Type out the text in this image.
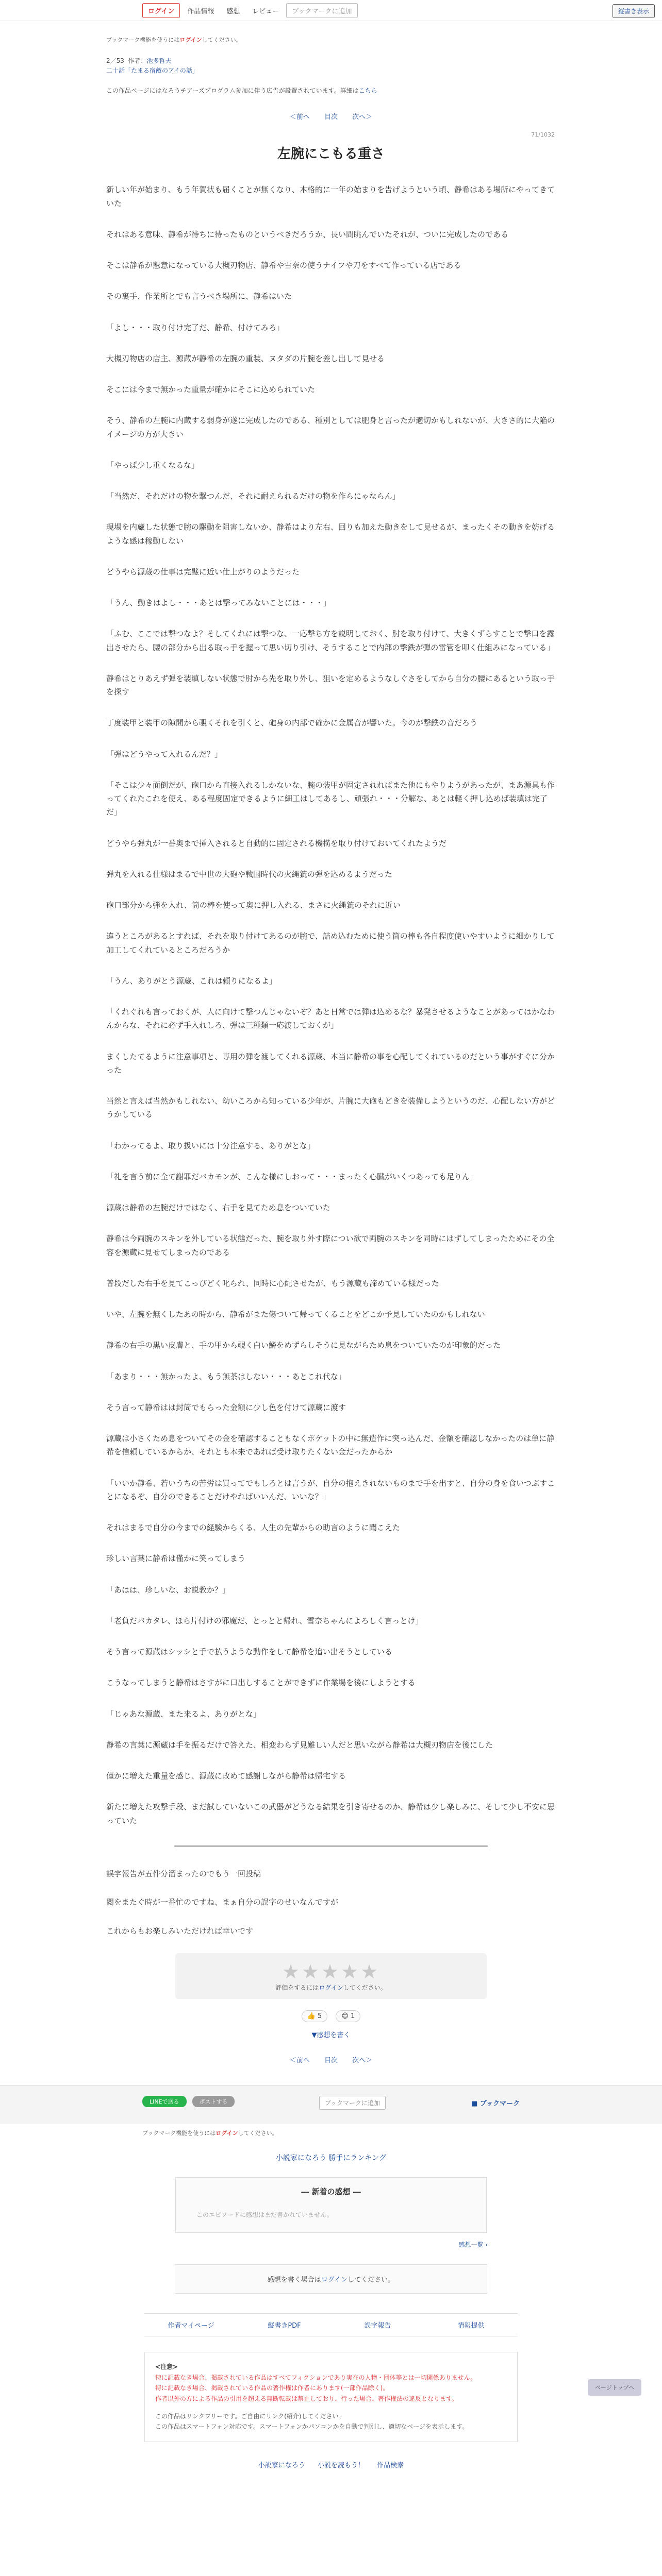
ログイン	作品情報	感想	レビュー	ブックマークに追加	縦書き表示
ブックマーク機能を使うにはログインしてください。
2／53 作者：池多哲夫
二十話「たまる宿敵のアイの話」
この作品ページにはなろうチアーズプログラム参加に伴う広告が設置されています。詳細はこちら
＜前へ 目次 次へ＞
71/1032
左腕にこもる重さ

新しい年が始まり、もう年賀状も届くことが無くなり、本格的に一年の始まりを告げようという頃、静希はある場所にやってきていた

それはある意味、静希が待ちに待ったものというべきだろうか、長い間眺んでいたそれが、ついに完成したのである

そこは静希が懇意になっている大槻刃物店、静希や雪奈の使うナイフや刀をすべて作っている店である

その裏手、作業所とでも言うべき場所に、静希はいた

「よし・・・取り付け完了だ、静希、付けてみろ」

大槻刃物店の店主、源蔵が静希の左腕の重装、ヌタダの片腕を差し出して見せる

そこには今まで無かった重量が確かにそこに込められていた

そう、静希の左腕に内蔵する弱身が遂に完成したのである、種別としては肥身と言ったが適切かもしれないが、大きさ的に大陥のイメージの方が大きい

「やっぱ少し重くなるな」

「当然だ、それだけの物を撃つんだ、それに耐えられるだけの物を作らにゃならん」

現場を内蔵した状態で腕の駆動を阻害しないか、静希はより左右、回りも加えた動きをして見せるが、まったくその動きを妨げるような感は稼動しない

どうやら源蔵の仕事は完璧に近い仕上がりのようだった

「うん、動きはよし・・・あとは撃ってみないことには・・・」

「ふむ、ここでは撃つなよ？そしてくれには撃つな、一応撃ち方を説明しておく、肘を取り付けて、大きくずらすことで撃口を露出させたら、腰の部分から出る取っ手を握って思い切り引け、そうすることで内部の撃鉄が弾の雷管を叩く仕組みになっている」

静希はとりあえず弾を装填しない状態で肘から先を取り外し、狙いを定めるようなしぐさをしてから自分の腰にあるという取っ手を探す

丁度装甲と装甲の隙間から覗くそれを引くと、砲身の内部で確かに金属音が響いた。今のが撃鉄の音だろう

「弾はどうやって入れるんだ？」

「そこは少々面倒だが、砲口から直接入れるしかないな、腕の装甲が固定されればまた他にもやりようがあったが、まあ源具も作ってくれたこれを使え、ある程度固定できるように細工はしてあるし、頑張れ・・・分解な、あとは軽く押し込めば装填は完了だ」

どうやら弾丸が一番奥まで挿入されると自動的に固定される機構を取り付けておいてくれたようだ

弾丸を入れる仕様はまるで中世の大砲や戦国時代の火縄銃の弾を込めるようだった

砲口部分から弾を入れ、筒の棒を使って奥に押し入れる、まさに火縄銃のそれに近い

違うところがあるとすれば、それを取り付けてあるのが腕で、詰め込むために使う筒の棒も各自程度使いやすいように細かりして加工してくれているところだろうか

「うん、ありがとう源蔵、これは頼りになるよ」

「くれぐれも言っておくが、人に向けて撃つんじゃないぞ？あと日常では弾は込めるな？暴発させるようなことがあってはかなわんからな、それに必ず手入れしろ、弾は三種類一応渡しておくが」

まくしたてるように注意事項と、専用の弾を渡してくれる源蔵、本当に静希の事を心配してくれているのだという事がすぐに分かった

当然と言えば当然かもしれない、幼いころから知っている少年が、片腕に大砲もどきを装備しようというのだ、心配しない方がどうかしている

「わかってるよ、取り扱いには十分注意する、ありがとな」

「礼を言う前に全て謝罪だバカモンが、こんな様にしおって・・・まったく心臓がいくつあっても足りん」

源蔵は静希の左腕だけではなく、右手を見てため息をついていた

静希は今両腕のスキンを外している状態だった、腕を取り外す際につい欲で両腕のスキンを同時にはずしてしまったためにその全容を源蔵に見せてしまったのである

普段だした右手を見てこっぴどく叱られ、同時に心配させたが、もう源蔵も諦めている様だった

いや、左腕を無くしたあの時から、静希がまた傷ついて帰ってくることをどこか予見していたのかもしれない

静希の右手の黒い皮膚と、手の甲から覗く白い鱗をめずらしそうに見ながらため息をついていたのが印象的だった

「あまり・・・無かったよ、もう無茶はしない・・・あとこれ代な」

そう言って静希はは封筒でもらった金額に少し色を付けて源蔵に渡す

源蔵は小さくため息をついてその金を確認することもなくポケットの中に無造作に突っ込んだ、金額を確認しなかったのは単に静希を信頼しているからか、それとも本来であれば受け取りたくない金だったからか

「いいか静希、若いうちの苦労は買ってでもしろとは言うが、自分の抱えきれないものまで手を出すと、自分の身を食いつぶすことになるぞ、自分のできることだけやればいいんだ、いいな？」

それはまるで自分の今までの経験からくる、人生の先輩からの助言のように聞こえた

珍しい言葉に静希は僅かに笑ってしまう

「あはは、珍しいな、お説教か？」

「老負だバカタレ、ほら片付けの邪魔だ、とっとと帰れ、雪奈ちゃんによろしく言っとけ」

そう言って源蔵はシッシと手で払うような動作をして静希を追い出そうとしている

こうなってしまうと静希はさすがに口出しすることができずに作業場を後にしようとする

「じゃあな源蔵、また来るよ、ありがとな」

静希の言葉に源蔵は手を振るだけで答えた、相変わらず見難しい人だと思いながら静希は大槻刃物店を後にした

僅かに増えた重量を感じ、源蔵に改めて感謝しながら静希は帰宅する

新たに増えた攻撃手段、まだ試していないこの武器がどうなる結果を引き寄せるのか、静希は少し楽しみに、そして少し不安に思っていた

誤字報告が五件分溜まったのでもう一回投稿

閲をまたぐ時が一番忙のですね、まぁ自分の誤字のせいなんですが

これからもお楽しみいただければ幸いです

★★★★★
評価をするにはログインしてください。
👍 5	😊 1
▼感想を書く
＜前へ 目次 次へ＞
LINEで送る	ポストする	ブックマークに追加	■ ブックマーク
ブックマーク機能を使うにはログインしてください。
小説家になろう 勝手にランキング
― 新着の感想 ―
このエピソードに感想はまだ書かれていません。
感想一覧 ›
感想を書く場合はログインしてください。
作者マイページ	縦書きPDF	誤字報告	情報提供
<注意>
特に記載なき場合、掲載されている作品はすべてフィクションであり実在の人物・団体等とは一切関係ありません。
特に記載なき場合、掲載されている作品の著作権は作者にあります(一部作品除く)。
作者以外の方による作品の引用を超える無断転載は禁止しており、行った場合、著作権法の違反となります。
この作品はリンクフリーです。ご自由にリンク(紹介)してください。
この作品はスマートフォン対応です。スマートフォンかパソコンかを自動で判別し、適切なページを表示します。
小説家になろう 小説を読もう！ 作品検索
ページトップへ
